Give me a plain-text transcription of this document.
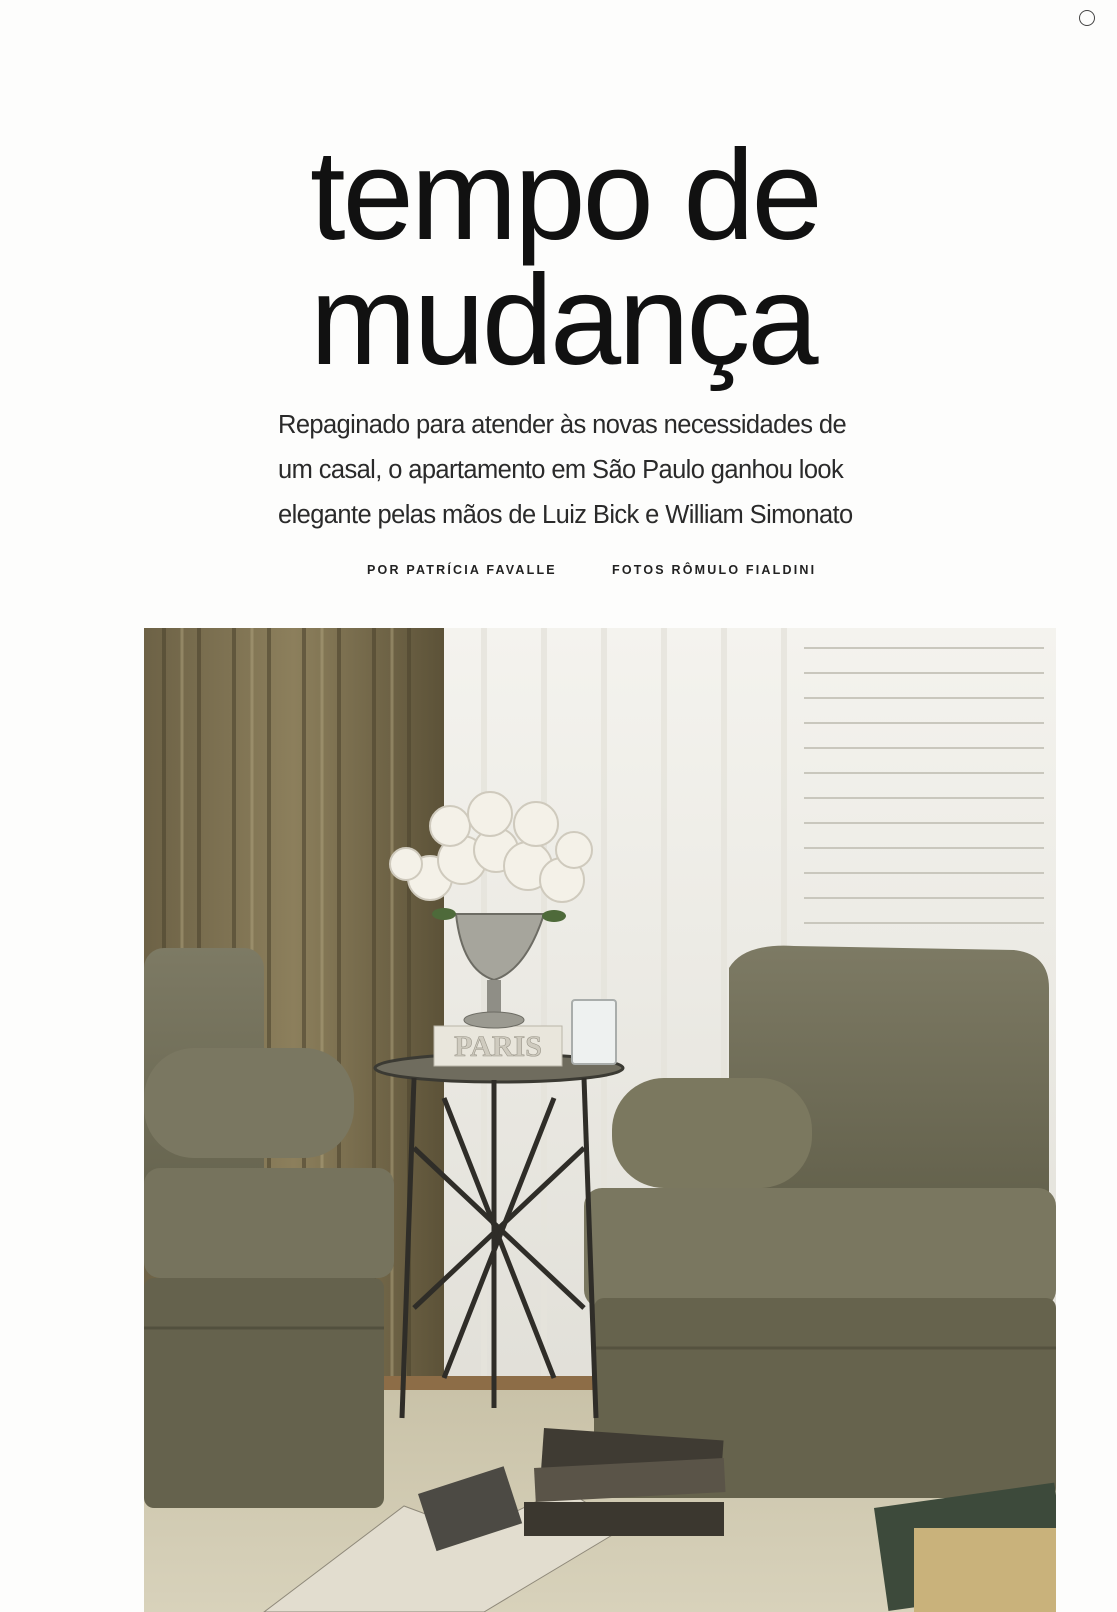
tempo de
mudança
Repaginado para atender às novas necessidades de
um casal, o apartamento em São Paulo ganhou look
elegante pelas mãos de Luiz Bick e William Simonato
POR PATRÍCIA FAVALLE	FOTOS RÔMULO FIALDINI
PARIS
